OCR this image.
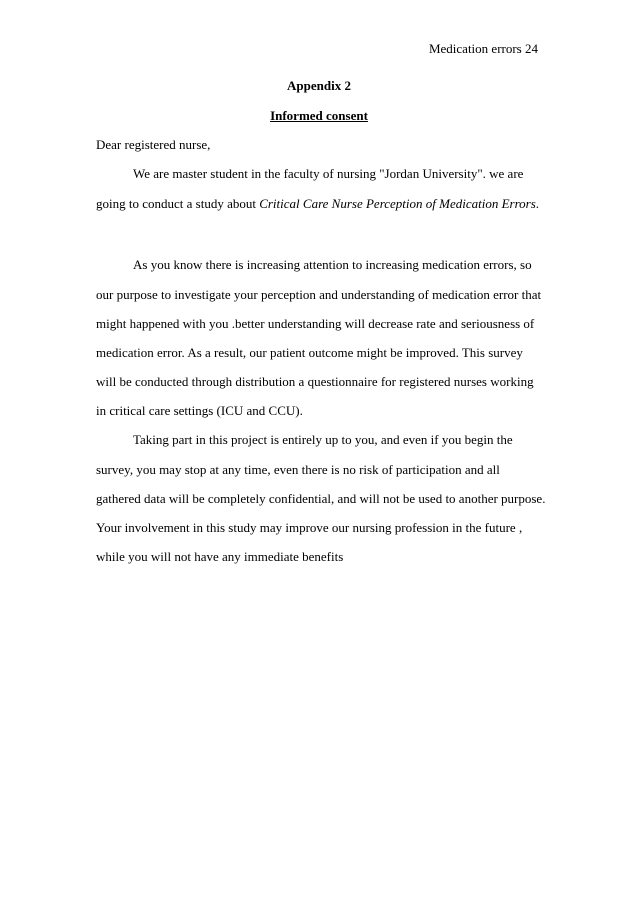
Medication errors 24
Appendix 2
Informed consent
Dear registered nurse,
We are master student in the faculty of nursing "Jordan University". we are
going to conduct a study about Critical Care Nurse Perception of Medication Errors.
As you know there is increasing attention to increasing medication errors, so
our purpose to investigate your perception and understanding of medication error that
might happened with you .better understanding will decrease rate and seriousness of
medication error. As a result, our patient outcome might be improved. This survey
will be conducted through distribution a questionnaire for registered nurses working
in critical care settings (ICU and CCU).
Taking part in this project is entirely up to you, and even if you begin the
survey, you may stop at any time, even there is no risk of participation and all
gathered data will be completely confidential, and will not be used to another purpose.
Your involvement in this study may improve our nursing profession in the future ,
while you will not have any immediate benefits
